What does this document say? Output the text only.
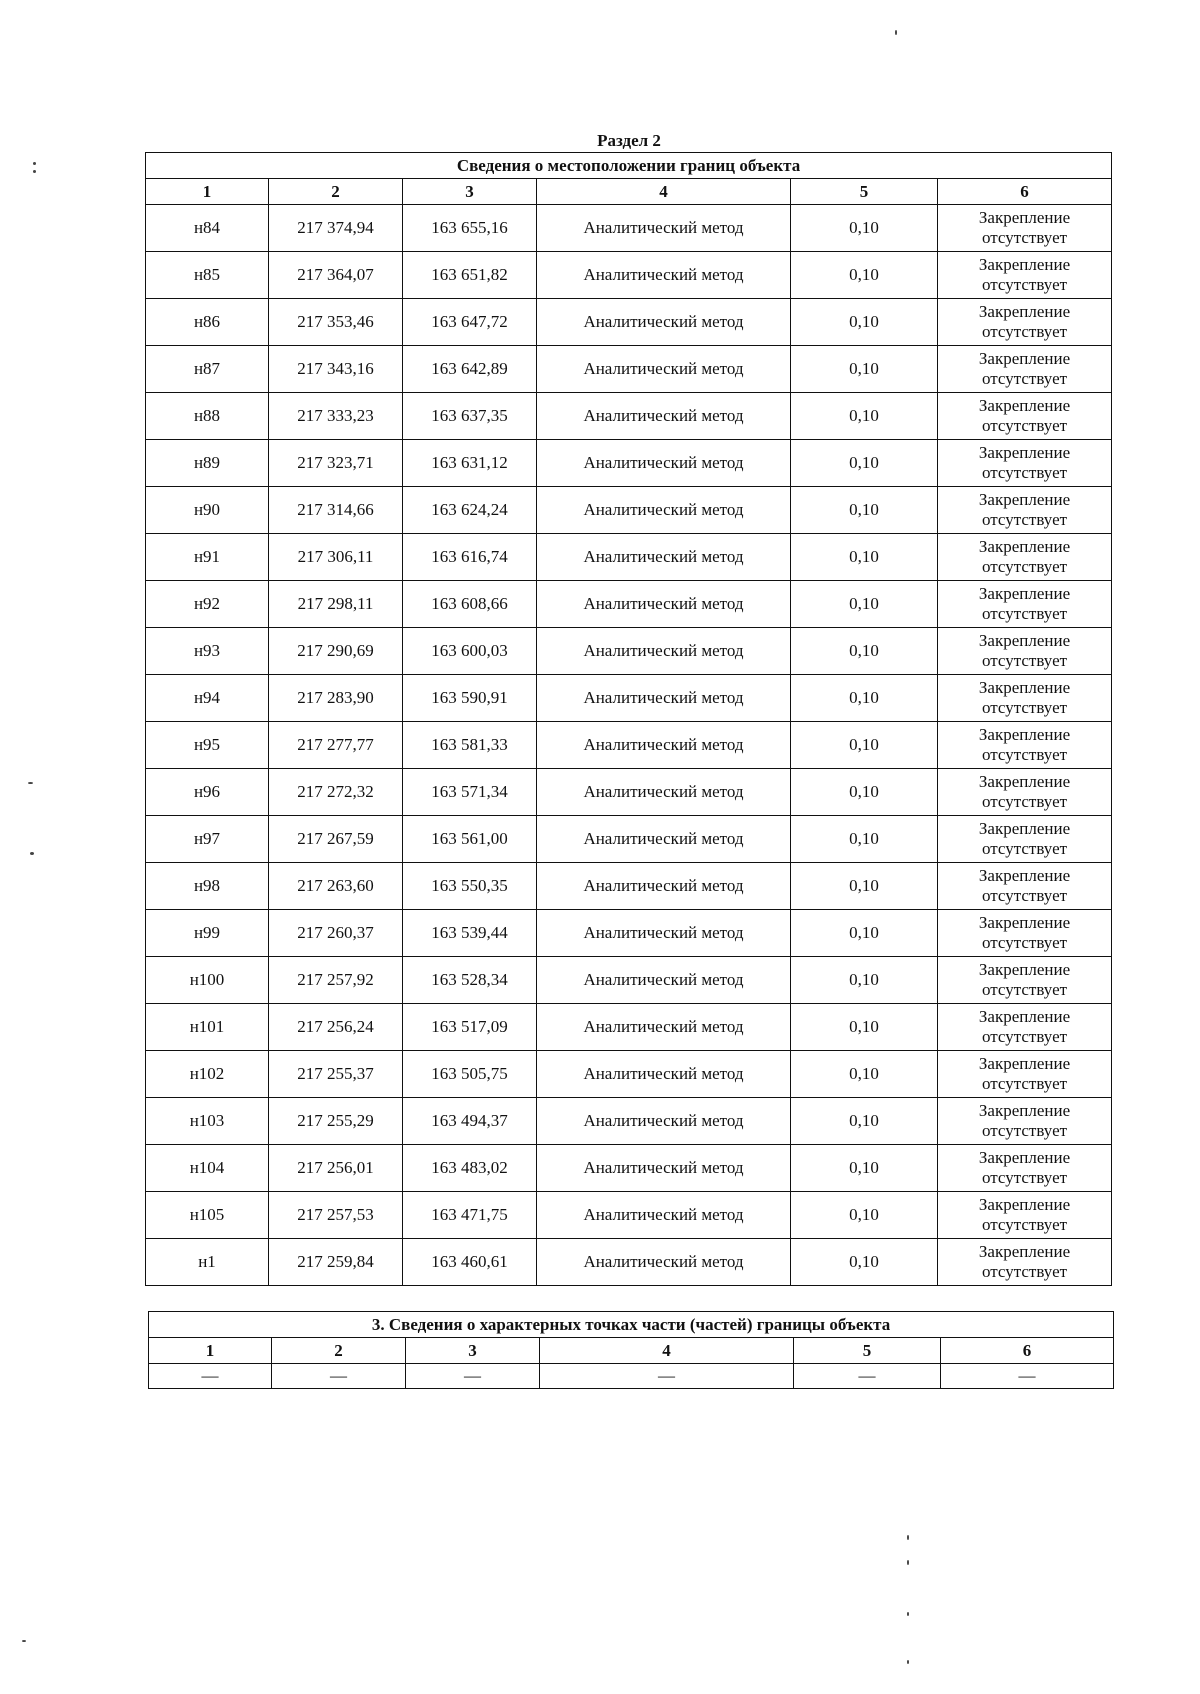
Раздел 2
Сведения о местоположении границ объекта					
1	2	3	4	5	6
н84	217 374,94	163 655,16	Аналитический метод	0,10	Закрепление
отсутствует

н85	217 364,07	163 651,82	Аналитический метод	0,10	Закрепление
отсутствует

н86	217 353,46	163 647,72	Аналитический метод	0,10	Закрепление
отсутствует

н87	217 343,16	163 642,89	Аналитический метод	0,10	Закрепление
отсутствует

н88	217 333,23	163 637,35	Аналитический метод	0,10	Закрепление
отсутствует

н89	217 323,71	163 631,12	Аналитический метод	0,10	Закрепление
отсутствует

н90	217 314,66	163 624,24	Аналитический метод	0,10	Закрепление
отсутствует

н91	217 306,11	163 616,74	Аналитический метод	0,10	Закрепление
отсутствует

н92	217 298,11	163 608,66	Аналитический метод	0,10	Закрепление
отсутствует

н93	217 290,69	163 600,03	Аналитический метод	0,10	Закрепление
отсутствует

н94	217 283,90	163 590,91	Аналитический метод	0,10	Закрепление
отсутствует

н95	217 277,77	163 581,33	Аналитический метод	0,10	Закрепление
отсутствует

н96	217 272,32	163 571,34	Аналитический метод	0,10	Закрепление
отсутствует

н97	217 267,59	163 561,00	Аналитический метод	0,10	Закрепление
отсутствует

н98	217 263,60	163 550,35	Аналитический метод	0,10	Закрепление
отсутствует

н99	217 260,37	163 539,44	Аналитический метод	0,10	Закрепление
отсутствует

н100	217 257,92	163 528,34	Аналитический метод	0,10	Закрепление
отсутствует

н101	217 256,24	163 517,09	Аналитический метод	0,10	Закрепление
отсутствует

н102	217 255,37	163 505,75	Аналитический метод	0,10	Закрепление
отсутствует

н103	217 255,29	163 494,37	Аналитический метод	0,10	Закрепление
отсутствует

н104	217 256,01	163 483,02	Аналитический метод	0,10	Закрепление
отсутствует

н105	217 257,53	163 471,75	Аналитический метод	0,10	Закрепление
отсутствует

н1	217 259,84	163 460,61	Аналитический метод	0,10	Закрепление
отсутствует
3. Сведения о характерных точках части (частей) границы объекта					
1	2	3	4	5	6
—	—	—	—	—	—
